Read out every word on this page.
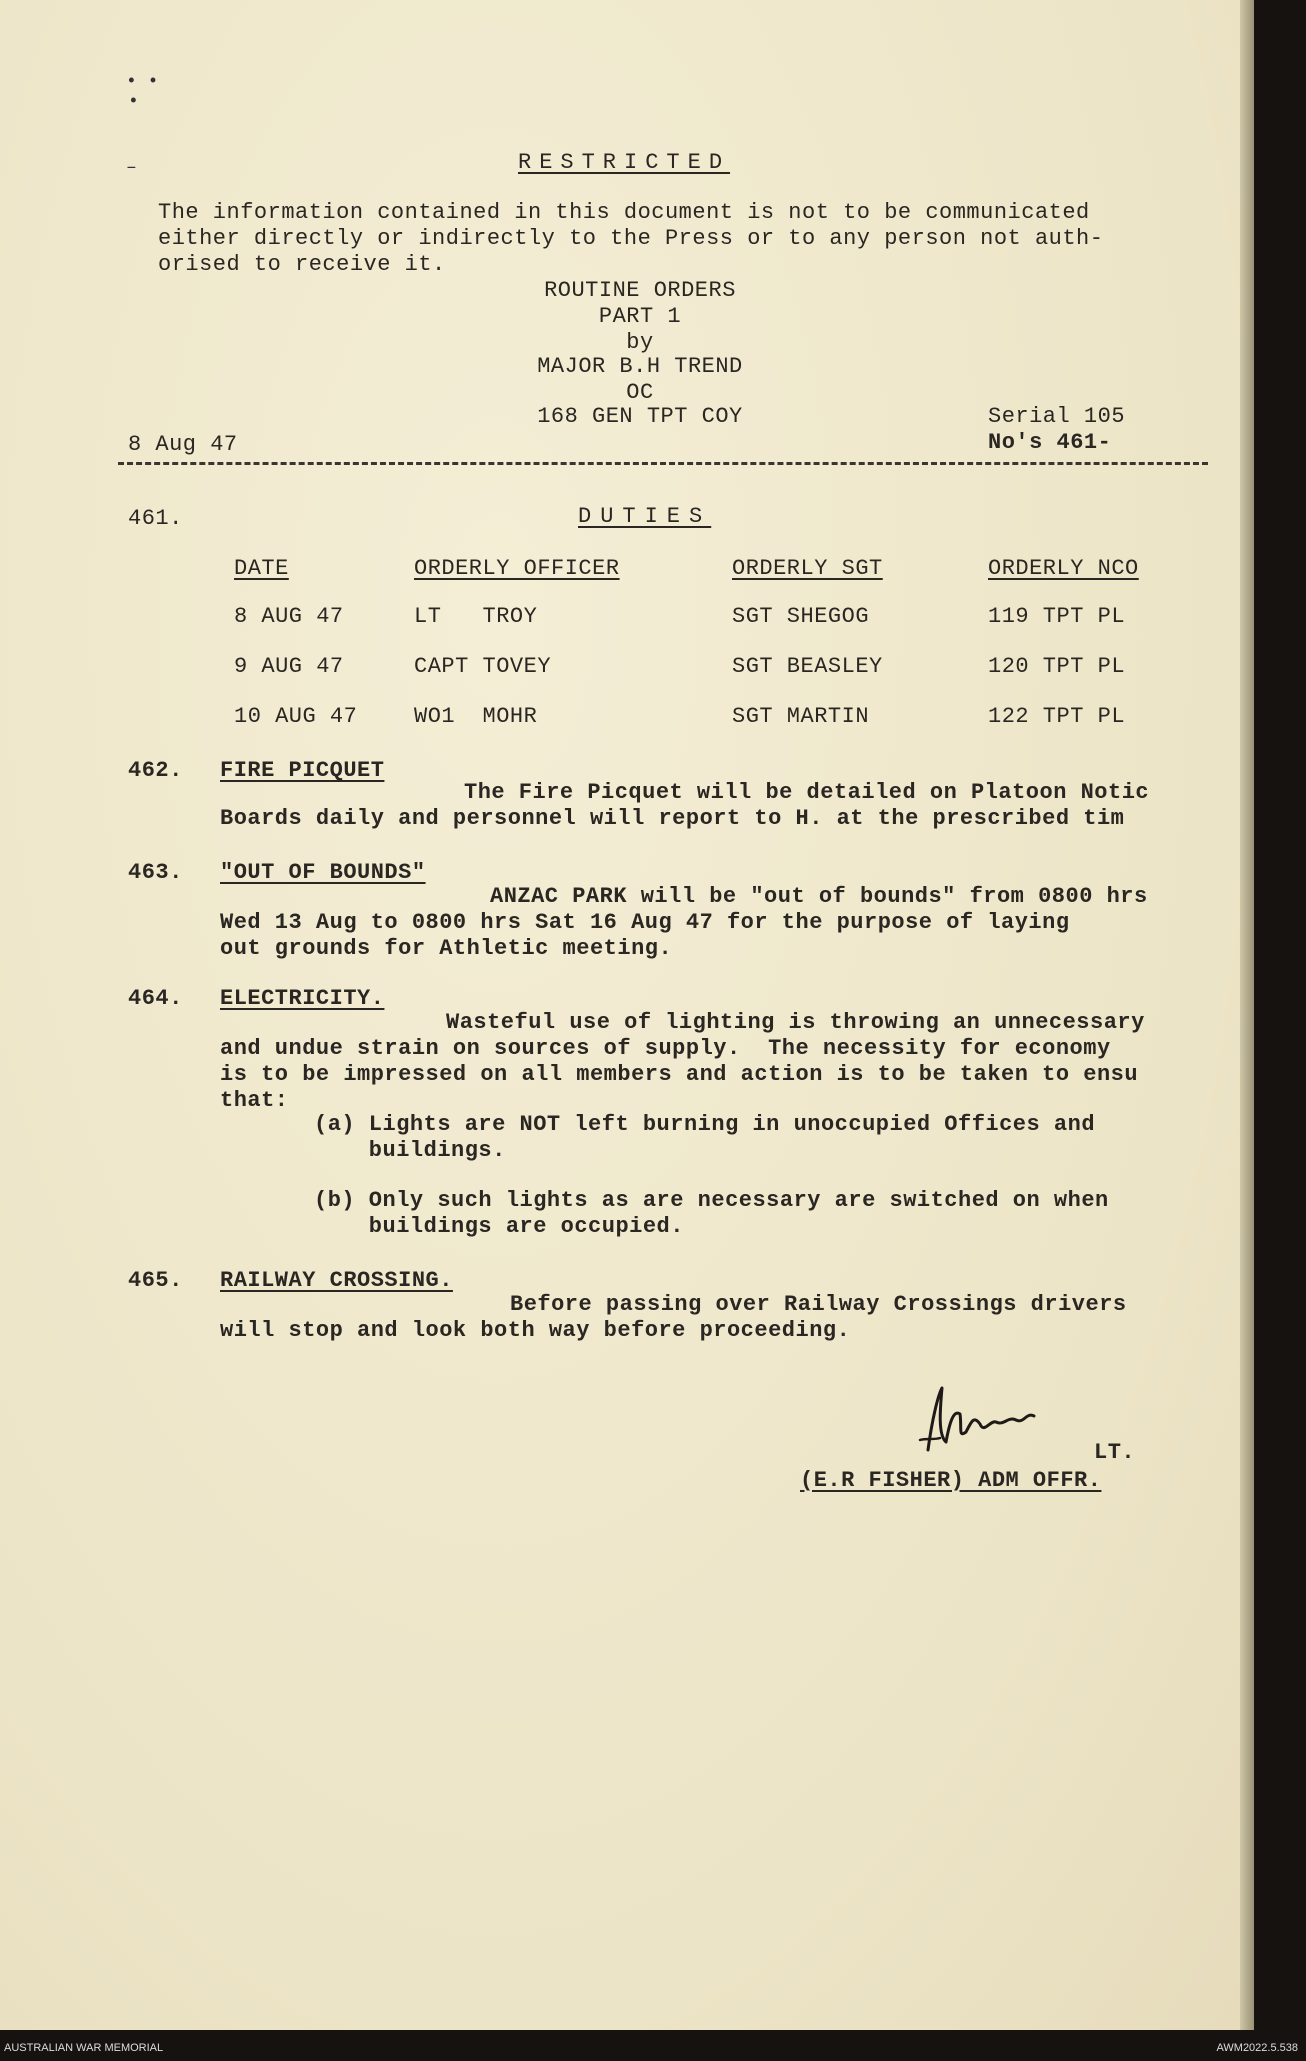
• •
•
–	RESTRICTED
The information contained in this document is not to be communicated
either directly or indirectly to the Press or to any person not auth-
orised to receive it.
ROUTINE ORDERS
PART 1
by
MAJOR B.H TREND
OC
168 GEN TPT COY
8 Aug 47
Serial 105
No's 461-
461.	DUTIES
DATE	ORDERLY OFFICER	ORDERLY SGT	ORDERLY NCO
8 AUG 47	LT   TROY	SGT SHEGOG	119 TPT PL
9 AUG 47	CAPT TOVEY	SGT BEASLEY	120 TPT PL
10 AUG 47	WO1  MOHR	SGT MARTIN	122 TPT PL
462. FIRE PICQUET
The Fire Picquet will be detailed on Platoon Notic
Boards daily and personnel will report to H. at the prescribed tim
463. "OUT OF BOUNDS"
ANZAC PARK will be "out of bounds" from 0800 hrs
Wed 13 Aug to 0800 hrs Sat 16 Aug 47 for the purpose of laying
out grounds for Athletic meeting.
464. ELECTRICITY.
Wasteful use of lighting is throwing an unnecessary
and undue strain on sources of supply.  The necessity for economy
is to be impressed on all members and action is to be taken to ensu
that:
(a) Lights are NOT left burning in unoccupied Offices and
buildings.
(b) Only such lights as are necessary are switched on when
buildings are occupied.
465. RAILWAY CROSSING.
Before passing over Railway Crossings drivers
will stop and look both way before proceeding.
LT.
(E.R FISHER) ADM OFFR.
AUSTRALIAN WAR MEMORIAL	AWM2022.5.538
